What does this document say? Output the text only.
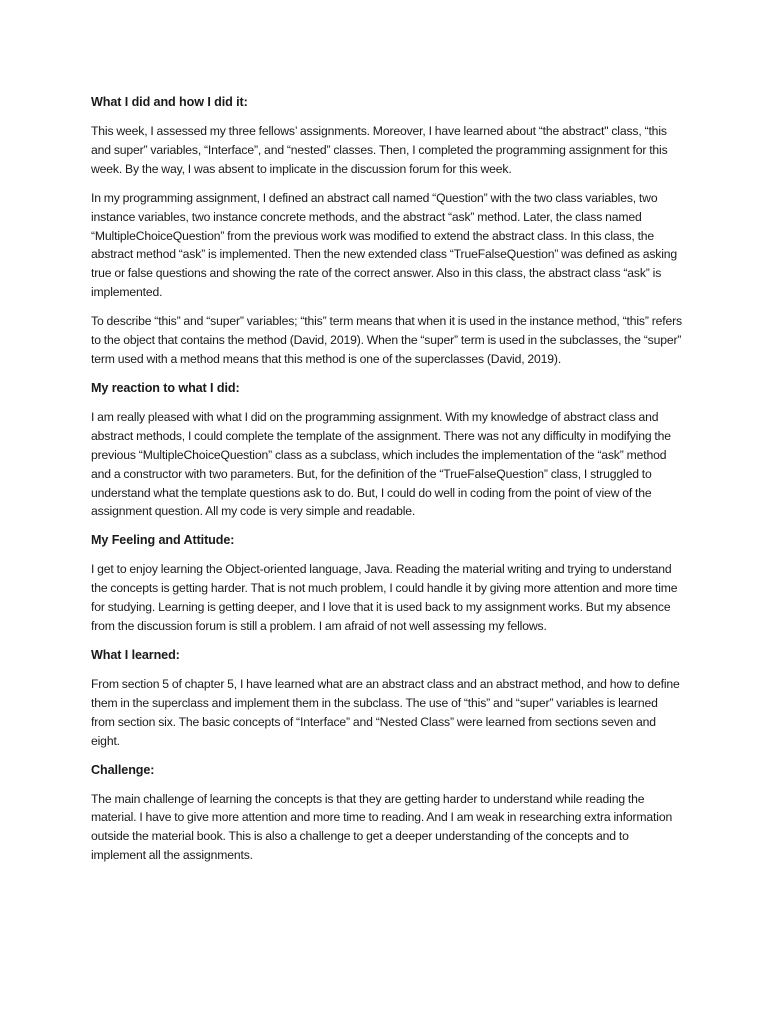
What I did and how I did it:

This week, I assessed my three fellows’ assignments. Moreover, I have learned about “the abstract" class, “this and super” variables, “Interface”, and “nested” classes. Then, I completed the programming assignment for this week. By the way, I was absent to implicate in the discussion forum for this week.

In my programming assignment, I defined an abstract call named “Question” with the two class variables, two instance variables, two instance concrete methods, and the abstract “ask” method. Later, the class named “MultipleChoiceQuestion” from the previous work was modified to extend the abstract class. In this class, the abstract method “ask” is implemented. Then the new extended class “TrueFalseQuestion” was defined as asking true or false questions and showing the rate of the correct answer. Also in this class, the abstract class “ask” is implemented.

To describe “this” and “super” variables; “this” term means that when it is used in the instance method, “this” refers to the object that contains the method (David, 2019). When the “super” term is used in the subclasses, the “super” term used with a method means that this method is one of the superclasses (David, 2019).

My reaction to what I did:

I am really pleased with what I did on the programming assignment. With my knowledge of abstract class and abstract methods, I could complete the template of the assignment. There was not any difficulty in modifying the previous “MultipleChoiceQuestion” class as a subclass, which includes the implementation of the “ask” method and a constructor with two parameters. But, for the definition of the “TrueFalseQuestion” class, I struggled to understand what the template questions ask to do. But, I could do well in coding from the point of view of the assignment question. All my code is very simple and readable.

My Feeling and Attitude:

I get to enjoy learning the Object-oriented language, Java. Reading the material writing and trying to understand the concepts is getting harder. That is not much problem, I could handle it by giving more attention and more time for studying. Learning is getting deeper, and I love that it is used back to my assignment works. But my absence from the discussion forum is still a problem. I am afraid of not well assessing my fellows.

What I learned:

From section 5 of chapter 5, I have learned what are an abstract class and an abstract method, and how to define them in the superclass and implement them in the subclass. The use of “this” and “super” variables is learned from section six. The basic concepts of “Interface” and “Nested Class” were learned from sections seven and eight.

Challenge:

The main challenge of learning the concepts is that they are getting harder to understand while reading the material. I have to give more attention and more time to reading. And I am weak in researching extra information outside the material book. This is also a challenge to get a deeper understanding of the concepts and to implement all the assignments.
